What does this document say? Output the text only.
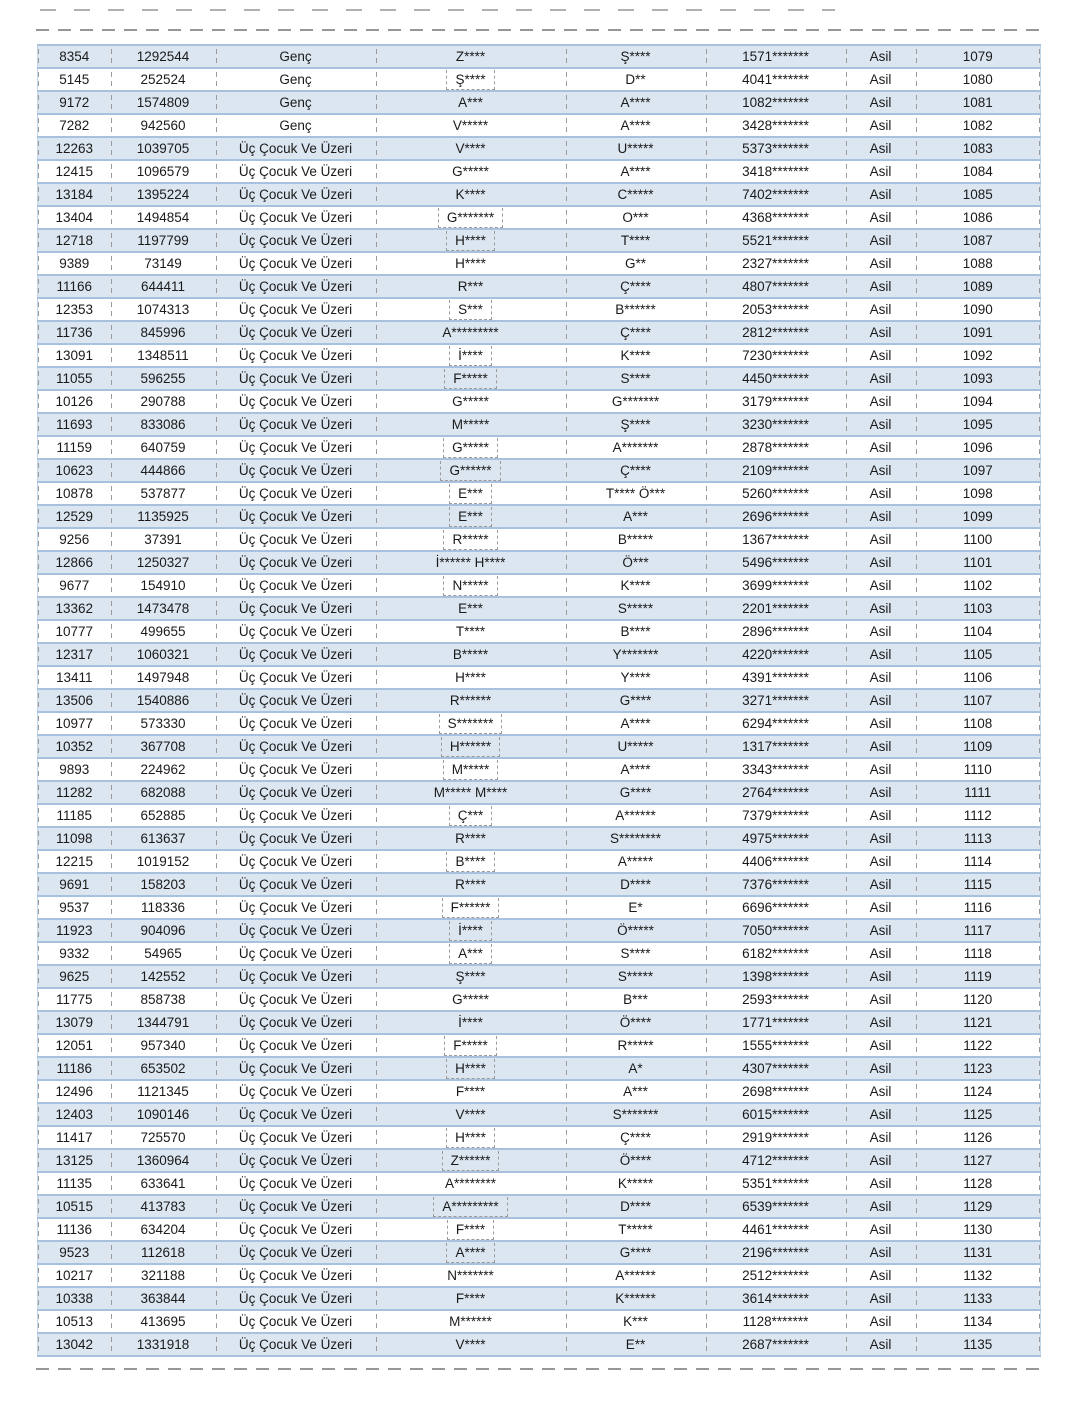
8354	1292544	Genç	Z****	Ş****	1571*******	Asil	1079
5145	252524	Genç	Ş****	D**	4041*******	Asil	1080
9172	1574809	Genç	A***	A****	1082*******	Asil	1081
7282	942560	Genç	V*****	A****	3428*******	Asil	1082
12263	1039705	Üç Çocuk Ve Üzeri	V****	U*****	5373*******	Asil	1083
12415	1096579	Üç Çocuk Ve Üzeri	G*****	A****	3418*******	Asil	1084
13184	1395224	Üç Çocuk Ve Üzeri	K****	C*****	7402*******	Asil	1085
13404	1494854	Üç Çocuk Ve Üzeri	G*******	O***	4368*******	Asil	1086
12718	1197799	Üç Çocuk Ve Üzeri	H****	T****	5521*******	Asil	1087
9389	73149	Üç Çocuk Ve Üzeri	H****	G**	2327*******	Asil	1088
11166	644411	Üç Çocuk Ve Üzeri	R***	Ç****	4807*******	Asil	1089
12353	1074313	Üç Çocuk Ve Üzeri	S***	B******	2053*******	Asil	1090
11736	845996	Üç Çocuk Ve Üzeri	A*********	Ç****	2812*******	Asil	1091
13091	1348511	Üç Çocuk Ve Üzeri	İ****	K****	7230*******	Asil	1092
11055	596255	Üç Çocuk Ve Üzeri	F*****	S****	4450*******	Asil	1093
10126	290788	Üç Çocuk Ve Üzeri	G*****	G*******	3179*******	Asil	1094
11693	833086	Üç Çocuk Ve Üzeri	M*****	Ş****	3230*******	Asil	1095
11159	640759	Üç Çocuk Ve Üzeri	G*****	A*******	2878*******	Asil	1096
10623	444866	Üç Çocuk Ve Üzeri	G******	Ç****	2109*******	Asil	1097
10878	537877	Üç Çocuk Ve Üzeri	E***	T**** Ö***	5260*******	Asil	1098
12529	1135925	Üç Çocuk Ve Üzeri	E***	A***	2696*******	Asil	1099
9256	37391	Üç Çocuk Ve Üzeri	R*****	B*****	1367*******	Asil	1100
12866	1250327	Üç Çocuk Ve Üzeri	İ****** H****	Ö***	5496*******	Asil	1101
9677	154910	Üç Çocuk Ve Üzeri	N*****	K****	3699*******	Asil	1102
13362	1473478	Üç Çocuk Ve Üzeri	E***	S*****	2201*******	Asil	1103
10777	499655	Üç Çocuk Ve Üzeri	T****	B****	2896*******	Asil	1104
12317	1060321	Üç Çocuk Ve Üzeri	B*****	Y*******	4220*******	Asil	1105
13411	1497948	Üç Çocuk Ve Üzeri	H****	Y****	4391*******	Asil	1106
13506	1540886	Üç Çocuk Ve Üzeri	R******	G****	3271*******	Asil	1107
10977	573330	Üç Çocuk Ve Üzeri	S*******	A****	6294*******	Asil	1108
10352	367708	Üç Çocuk Ve Üzeri	H******	U*****	1317*******	Asil	1109
9893	224962	Üç Çocuk Ve Üzeri	M*****	A****	3343*******	Asil	1110
11282	682088	Üç Çocuk Ve Üzeri	M***** M****	G****	2764*******	Asil	1111
11185	652885	Üç Çocuk Ve Üzeri	Ç***	A******	7379*******	Asil	1112
11098	613637	Üç Çocuk Ve Üzeri	R****	S********	4975*******	Asil	1113
12215	1019152	Üç Çocuk Ve Üzeri	B****	A*****	4406*******	Asil	1114
9691	158203	Üç Çocuk Ve Üzeri	R****	D****	7376*******	Asil	1115
9537	118336	Üç Çocuk Ve Üzeri	F******	E*	6696*******	Asil	1116
11923	904096	Üç Çocuk Ve Üzeri	İ****	Ö*****	7050*******	Asil	1117
9332	54965	Üç Çocuk Ve Üzeri	A***	S****	6182*******	Asil	1118
9625	142552	Üç Çocuk Ve Üzeri	Ş****	S*****	1398*******	Asil	1119
11775	858738	Üç Çocuk Ve Üzeri	G*****	B***	2593*******	Asil	1120
13079	1344791	Üç Çocuk Ve Üzeri	İ****	Ö****	1771*******	Asil	1121
12051	957340	Üç Çocuk Ve Üzeri	F*****	R*****	1555*******	Asil	1122
11186	653502	Üç Çocuk Ve Üzeri	H****	A*	4307*******	Asil	1123
12496	1121345	Üç Çocuk Ve Üzeri	F****	A***	2698*******	Asil	1124
12403	1090146	Üç Çocuk Ve Üzeri	V****	S*******	6015*******	Asil	1125
11417	725570	Üç Çocuk Ve Üzeri	H****	Ç****	2919*******	Asil	1126
13125	1360964	Üç Çocuk Ve Üzeri	Z******	Ö****	4712*******	Asil	1127
11135	633641	Üç Çocuk Ve Üzeri	A********	K*****	5351*******	Asil	1128
10515	413783	Üç Çocuk Ve Üzeri	A*********	D****	6539*******	Asil	1129
11136	634204	Üç Çocuk Ve Üzeri	F****	T*****	4461*******	Asil	1130
9523	112618	Üç Çocuk Ve Üzeri	A****	G****	2196*******	Asil	1131
10217	321188	Üç Çocuk Ve Üzeri	N*******	A******	2512*******	Asil	1132
10338	363844	Üç Çocuk Ve Üzeri	F****	K******	3614*******	Asil	1133
10513	413695	Üç Çocuk Ve Üzeri	M******	K***	1128*******	Asil	1134
13042	1331918	Üç Çocuk Ve Üzeri	V****	E**	2687*******	Asil	1135
